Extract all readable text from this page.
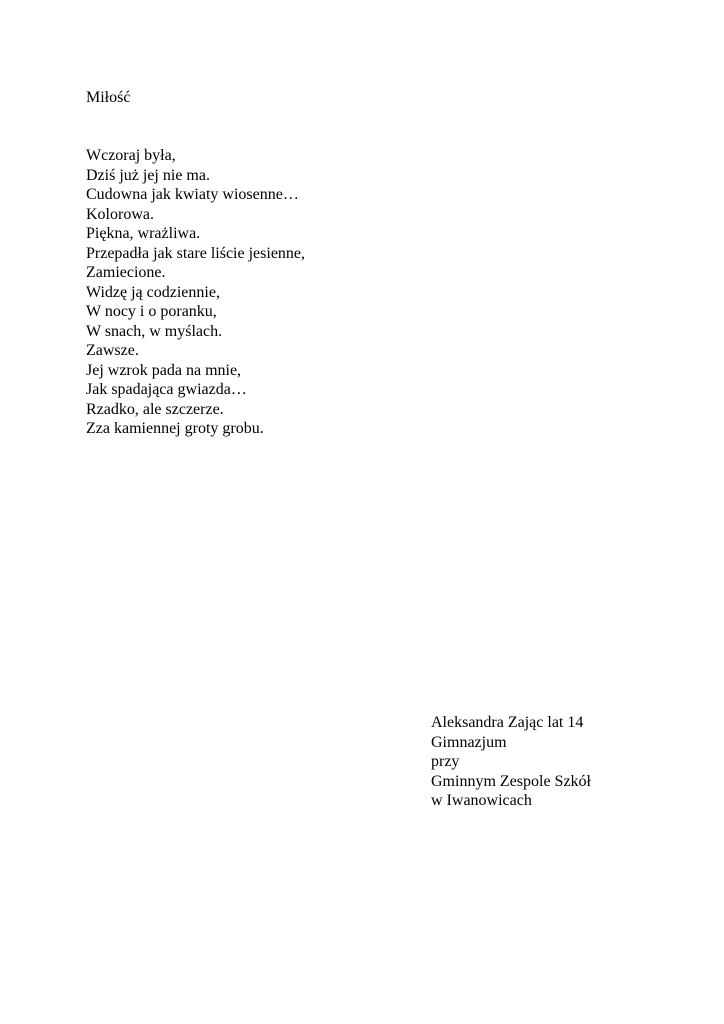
Miłość
Wczoraj była,
Dziś już jej nie ma.
Cudowna jak kwiaty wiosenne…
Kolorowa.
Piękna, wrażliwa.
Przepadła jak stare liście jesienne,
Zamiecione.
Widzę ją codziennie,
W nocy i o poranku,
W snach, w myślach.
Zawsze.
Jej wzrok pada na mnie,
Jak spadająca gwiazda…
Rzadko, ale szczerze.
Zza kamiennej groty grobu.
Aleksandra Zając lat 14
Gimnazjum
przy
Gminnym Zespole Szkół
w Iwanowicach
